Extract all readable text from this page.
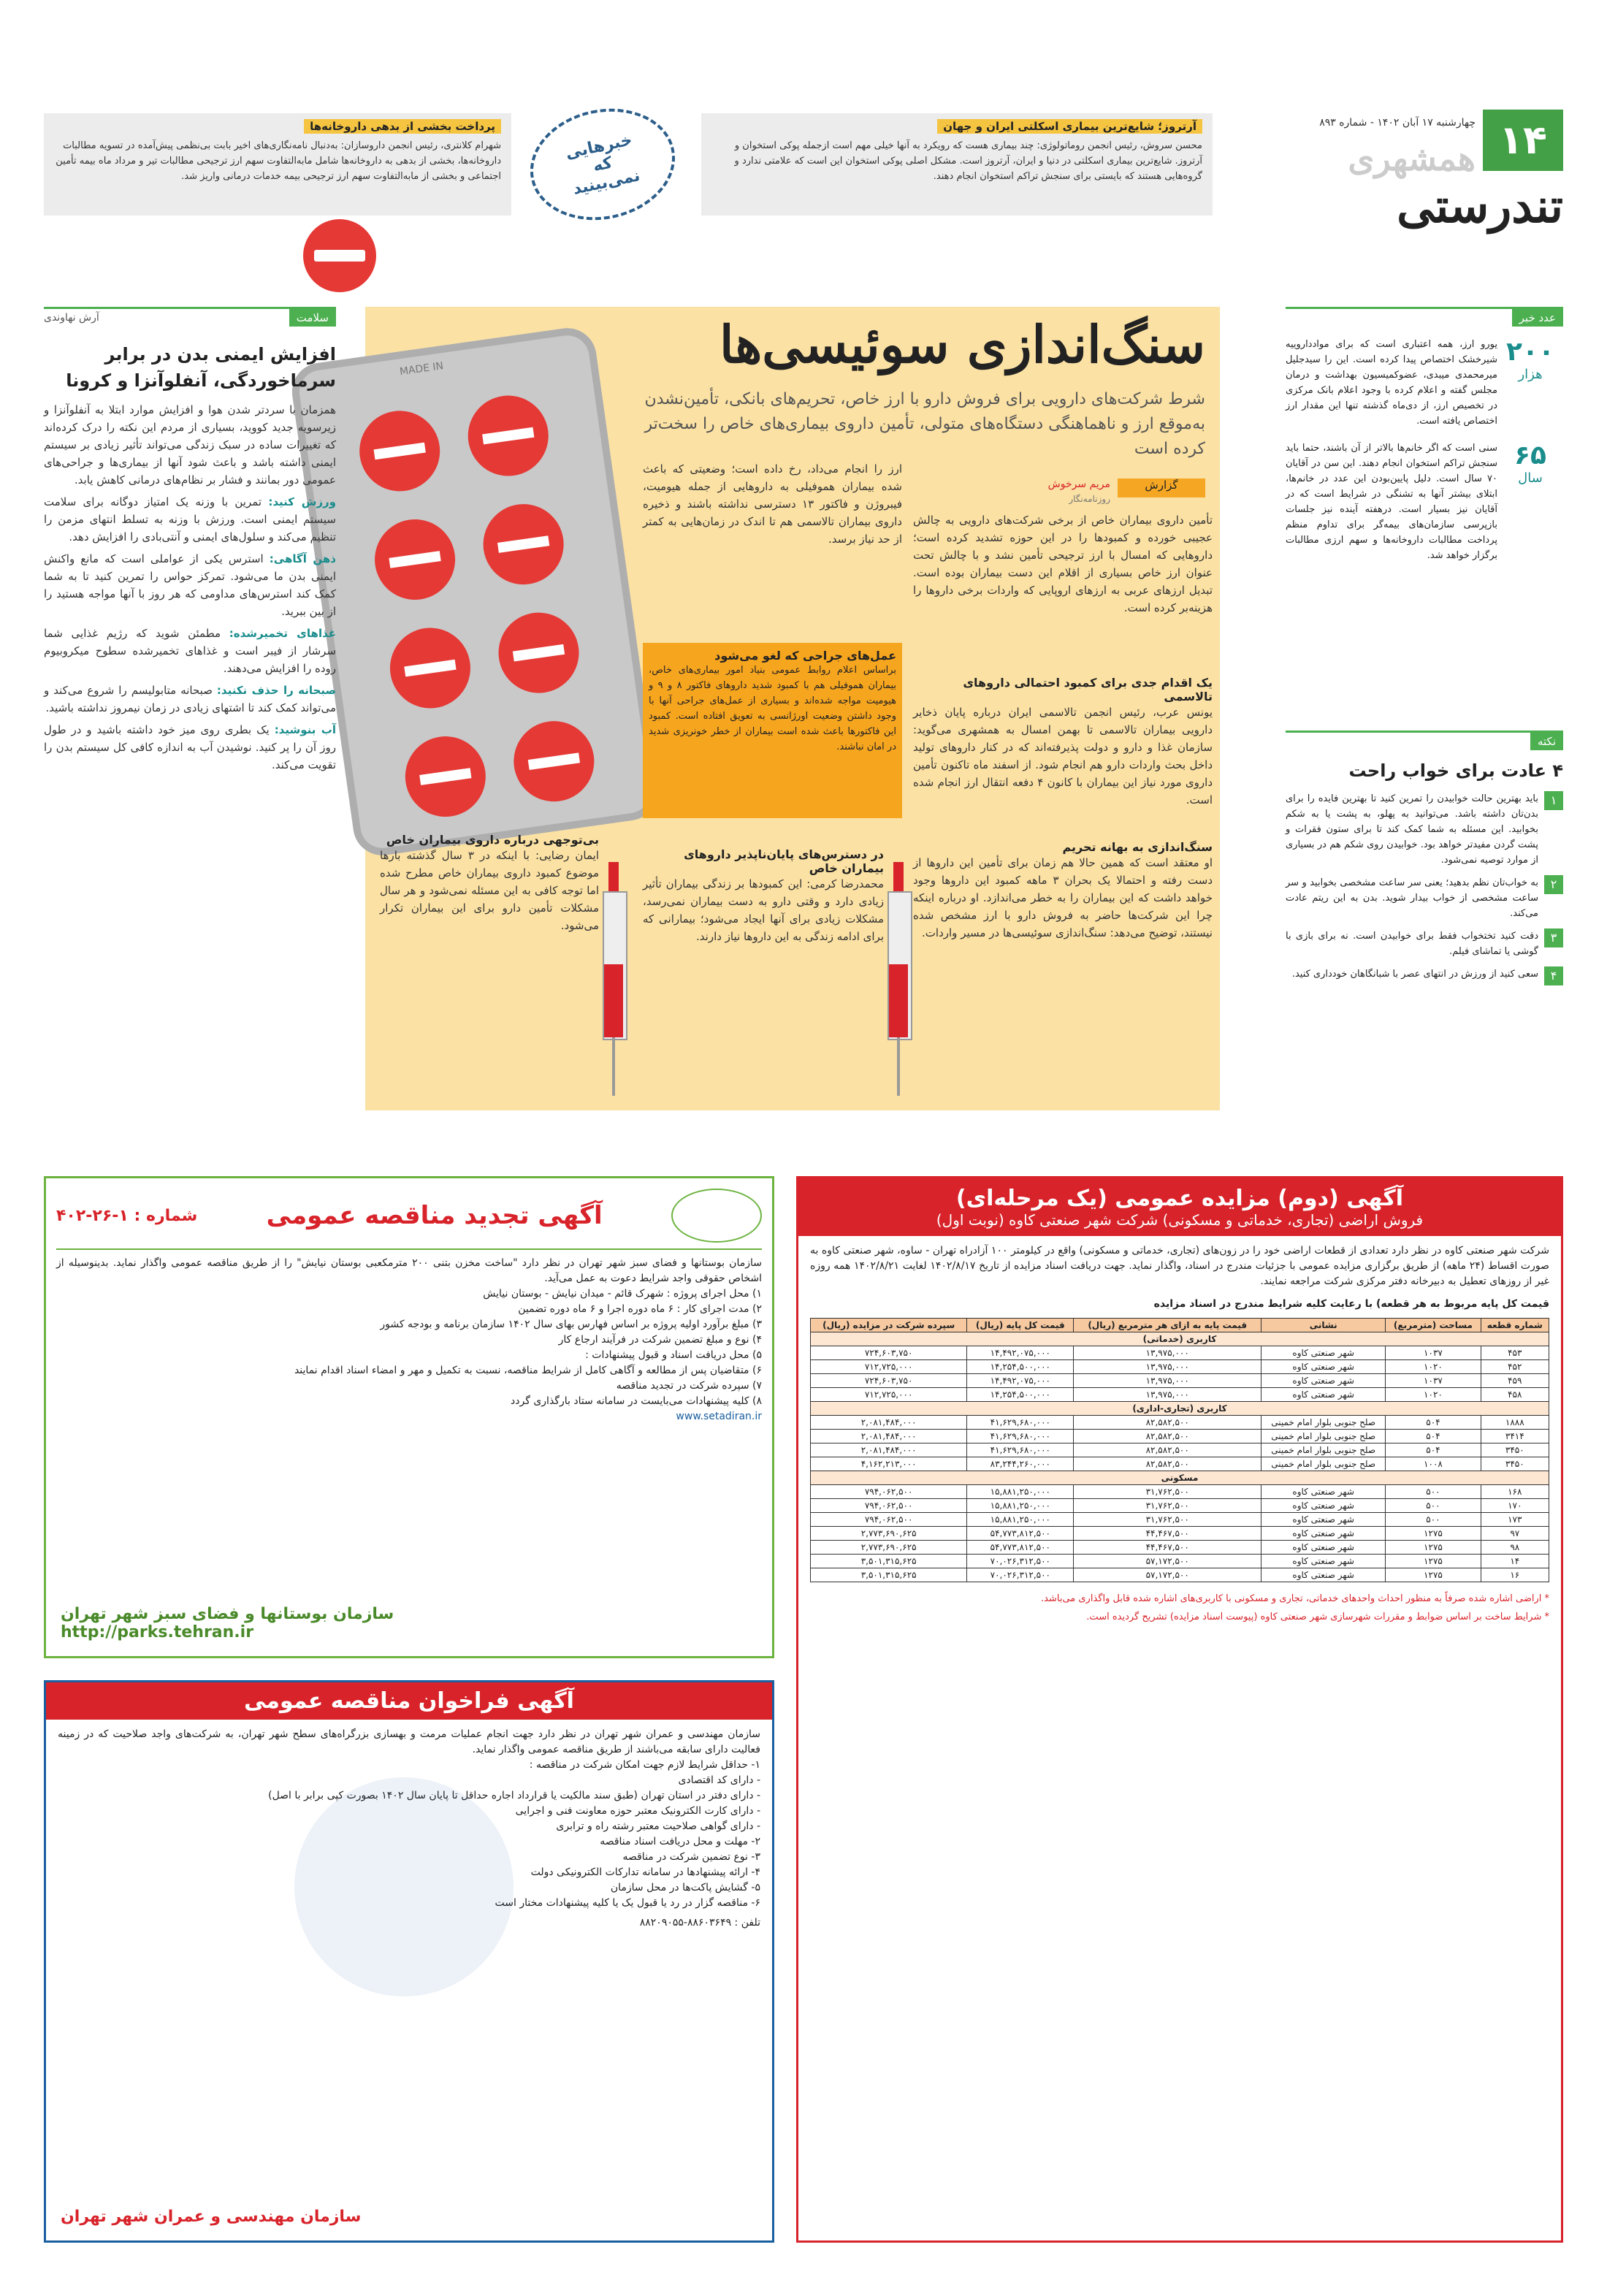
۱۴
چهارشنبه ۱۷ آبان ۱۴۰۲ - شماره ۸۹۳
همشهری
تندرستی
آرتروز؛ شایع‌ترین بیماری اسکلتی ایران و جهان
محسن سروش، رئیس انجمن روماتولوژی: چند بیماری هست که رویکرد به آنها خیلی مهم است ازجمله پوکی استخوان و آرتروز. شایع‌ترین بیماری اسکلتی در دنیا و ایران، آرتروز است. مشکل اصلی پوکی استخوان این است که علامتی ندارد و گروه‌هایی هستند که بایستی برای سنجش تراکم استخوان انجام دهند.
خبرهایی که نمی‌بینید
پرداخت بخشی از بدهی داروخانه‌ها
شهرام کلانتری، رئیس انجمن داروسازان: به‌دنبال نامه‌نگاری‌های اخیر بابت بی‌نظمی پیش‌آمده در تسویه مطالبات داروخانه‌ها، بخشی از بدهی به داروخانه‌ها شامل مابه‌التفاوت سهم ارز ترجیحی مطالبات تیر و مرداد ماه بیمه تأمین اجتماعی و بخشی از مابه‌التفاوت سهم ارز ترجیحی بیمه خدمات درمانی واریز شد.
عدد خبر
۲۰۰
هزار
یورو ارز، همه اعتباری است که برای موادداروییه شیرخشک اختصاص پیدا کرده است. این را سیدجلیل میرمحمدی میبدی، عضوکمیسیون بهداشت و درمان مجلس گفته و اعلام کرده با وجود اعلام بانک مرکزی در تخصیص ارز، از دی‌ماه گذشته تنها این مقدار ارز اختصاص یافته است.
۶۵
سال
سنی است که اگر خانم‌ها بالاتر از آن باشند، حتما باید سنجش تراکم استخوان انجام دهند. این سن در آقایان ۷۰ سال است. دلیل پایین‌بودن این عدد در خانم‌ها، ابتلای بیشتر آنها به تشنگی در شرایط است که در آقایان نیز بسیار است. درهفته آینده نیز جلسات بازپرسی سازمان‌های بیمه‌گر برای تداوم منظم پرداخت مطالبات داروخانه‌ها و سهم ارزی مطالبات برگزار خواهد شد.
نکته
۴ عادت برای خواب راحت
۱
باید بهترین حالت خوابیدن را تمرین کنید تا بهترین فایده را برای بدن‌تان داشته باشد. می‌توانید به پهلو، به پشت یا به شکم بخوابید. این مسئله به شما کمک کند تا برای ستون فقرات و پشت گردن مفیدتر خواهد بود. خوابیدن روی شکم هم در بسیاری از موارد توصیه نمی‌شود.
۲
به خواب‌تان نظم بدهید؛ یعنی سر ساعت مشخصی بخوابید و سر ساعت مشخصی از خواب بیدار شوید. بدن به این ریتم عادت می‌کند.
۳
دقت کنید تختخواب فقط برای خوابیدن است. نه برای بازی با گوشی یا تماشای فیلم.
۴
سعی کنید از ورزش در انتهای عصر با شبانگاهان خودداری کنید.
سنگ‌اندازی سوئیسی‌ها
شرط شرکت‌های دارویی برای فروش دارو با ارز خاص، تحریم‌های بانکی، تأمین‌نشدن به‌موقع ارز و ناهماهنگی دستگاه‌های متولی، تأمین داروی بیماری‌های خاص را سخت‌تر کرده است
MADE IN
گزارش
مریم سرخوش
روزنامه‌نگار
تأمین داروی بیماران خاص از برخی شرکت‌های دارویی به چالش عجیبی خورده و کمبودها را در این حوزه تشدید کرده است؛ داروهایی که امسال با ارز ترجیحی تأمین نشد و با چالش تحت عنوان ارز خاص بسیاری از اقلام این دست بیماران بوده است. تبدیل ارزهای عربی به ارزهای اروپایی که واردات برخی داروها را هزینه‌بر کرده است.
ارز را انجام می‌داد، رخ داده است؛ وضعیتی که باعث شده بیماران هموفیلی به داروهایی از جمله هیومیت، فیبروژن و فاکتور ۱۳ دسترسی نداشته باشند و ذخیره داروی بیماران تالاسمی هم تا اندک در زمان‌هایی به کمتر از حد نیاز برسد.
عمل‌های جراحی که لغو می‌شود
براساس اعلام روابط عمومی بنیاد امور بیماری‌های خاص، بیماران هموفیلی هم با کمبود شدید داروهای فاکتور ۸ و ۹ و هیومیت مواجه شده‌اند و بسیاری از عمل‌های جراحی آنها با وجود داشتن وضعیت اورژانسی به تعویق افتاده است. کمبود این فاکتورها باعث شده است بیماران از خطر خونریزی شدید در امان نباشند.
یک اقدام جدی برای کمبود احتمالی داروهای تالاسمی
یونس عرب، رئیس انجمن تالاسمی ایران درباره پایان ذخایر دارویی بیماران تالاسمی تا بهمن امسال به همشهری می‌گوید: سازمان غذا و دارو و دولت پذیرفته‌اند که در کنار داروهای تولید داخل بحث واردات دارو هم انجام شود. از اسفند ماه تاکنون تأمین داروی مورد نیاز این بیماران با کانون ۴ دفعه انتقال ارز انجام شده است.
سنگ‌اندازی به بهانه تحریم
او معتقد است که همین حالا هم زمان برای تأمین این داروها از دست رفته و احتمالا یک بحران ۳ ماهه کمبود این داروها وجود خواهد داشت که این بیماران را به خطر می‌اندازد. او درباره اینکه چرا این شرکت‌ها حاضر به فروش دارو با ارز مشخص شده نیستند، توضیح می‌دهد: سنگ‌اندازی سوئیسی‌ها در مسیر واردات.
در دسترس‌های پایان‌ناپذیر داروهای بیماران خاص
محمدرضا کرمی: این کمبودها بر زندگی بیماران تأثیر زیادی دارد و وقتی دارو به دست بیماران نمی‌رسد، مشکلات زیادی برای آنها ایجاد می‌شود؛ بیمارانی که برای ادامه زندگی به این داروها نیاز دارند.
بی‌توجهی درباره داروی بیماران خاص
ایمان رضایی: با اینکه در ۳ سال گذشته بارها موضوع کمبود داروی بیماران خاص مطرح شده اما توجه کافی به این مسئله نمی‌شود و هر سال مشکلات تأمین دارو برای این بیماران تکرار می‌شود.
سلامت
آرش نهاوندی
افزایش ایمنی بدن در برابر سرماخوردگی، آنفلوآنزا و کرونا
همزمان با سردتر شدن هوا و افزایش موارد ابتلا به آنفلوآنزا و زیرسویه جدید کووید، بسیاری از مردم این نکته را درک کرده‌اند که تغییرات ساده در سبک زندگی می‌تواند تأثیر زیادی بر سیستم ایمنی داشته باشد و باعث شود آنها از بیماری‌ها و جراحی‌های عمومی دور بمانند و فشار بر نظام‌های درمانی کاهش یابد.
ورزش کنید: تمرین با وزنه یک امتیاز دوگانه برای سلامت سیستم ایمنی است. ورزش با وزنه به تسلط انتهای مزمن را تنظیم می‌کند و سلول‌های ایمنی و آنتی‌بادی را افزایش دهد.
ذهن آگاهی: استرس یکی از عواملی است که مانع واکنش ایمنی بدن ما می‌شود. تمرکز حواس را تمرین کنید تا به شما کمک کند استرس‌های مداومی که هر روز با آنها مواجه هستید را از بین ببرید.
غذاهای تخمیرشده: مطمئن شوید که رژیم غذایی شما سرشار از فیبر است و غذاهای تخمیرشده سطوح میکروبیوم روده را افزایش می‌دهند.
صبحانه را حذف نکنید: صبحانه متابولیسم را شروع می‌کند و می‌تواند کمک کند تا اشتهای زیادی در زمان نیمروز نداشته باشید.
آب بنوشید: یک بطری روی میز خود داشته باشید و در طول روز آن را پر کنید. نوشیدن آب به اندازه کافی کل سیستم بدن را تقویت می‌کند.
آگهی (دوم) مزایده عمومی (یک مرحله‌ای)
فروش اراضی (تجاری، خدماتی و مسکونی) شرکت شهر صنعتی کاوه (نوبت اول)
شرکت شهر صنعتی کاوه در نظر دارد تعدادی از قطعات اراضی خود را در زون‌های (تجاری، خدماتی و مسکونی) واقع در کیلومتر ۱۰۰ آزادراه تهران - ساوه، شهر صنعتی کاوه به صورت اقساط (۲۴ ماهه) از طریق برگزاری مزایده عمومی با جزئیات مندرج در اسناد، واگذار نماید. جهت دریافت اسناد مزایده از تاریخ ۱۴۰۲/۸/۱۷ لغایت ۱۴۰۲/۸/۲۱ همه روزه غیر از روزهای تعطیل به دبیرخانه دفتر مرکزی شرکت مراجعه نمایند.
قیمت کل پایه مربوط به هر قطعه) با رعایت کلیه شرایط مندرج در اسناد مزایده
شماره قطعه	مساحت (مترمربع)	نشانی	قیمت پایه به ازای هر مترمربع (ریال)	قیمت کل پایه (ریال)	سپرده شرکت در مزایده (ریال)
کاربری (خدماتی)					
۴۵۳	۱۰۳۷	شهر صنعتی کاوه	۱۳,۹۷۵,۰۰۰	۱۴,۴۹۲,۰۷۵,۰۰۰	۷۲۴,۶۰۳,۷۵۰
۴۵۲	۱۰۲۰	شهر صنعتی کاوه	۱۳,۹۷۵,۰۰۰	۱۴,۲۵۴,۵۰۰,۰۰۰	۷۱۲,۷۲۵,۰۰۰
۴۵۹	۱۰۳۷	شهر صنعتی کاوه	۱۳,۹۷۵,۰۰۰	۱۴,۴۹۲,۰۷۵,۰۰۰	۷۲۴,۶۰۳,۷۵۰
۴۵۸	۱۰۲۰	شهر صنعتی کاوه	۱۳,۹۷۵,۰۰۰	۱۴,۲۵۴,۵۰۰,۰۰۰	۷۱۲,۷۲۵,۰۰۰
کاربری (تجاری-اداری)					
۱۸۸۸	۵۰۴	صلح جنوبی بلوار امام خمینی	۸۲,۵۸۲,۵۰۰	۴۱,۶۲۹,۶۸۰,۰۰۰	۲,۰۸۱,۴۸۴,۰۰۰
۳۴۱۴	۵۰۴	صلح جنوبی بلوار امام خمینی	۸۲,۵۸۲,۵۰۰	۴۱,۶۲۹,۶۸۰,۰۰۰	۲,۰۸۱,۴۸۴,۰۰۰
۳۴۵۰	۵۰۴	صلح جنوبی بلوار امام خمینی	۸۲,۵۸۲,۵۰۰	۴۱,۶۲۹,۶۸۰,۰۰۰	۲,۰۸۱,۴۸۴,۰۰۰
۳۴۵۰	۱۰۰۸	صلح جنوبی بلوار امام خمینی	۸۲,۵۸۲,۵۰۰	۸۳,۲۴۴,۲۶۰,۰۰۰	۴,۱۶۲,۲۱۳,۰۰۰
مسکونی					
۱۶۸	۵۰۰	شهر صنعتی کاوه	۳۱,۷۶۲,۵۰۰	۱۵,۸۸۱,۲۵۰,۰۰۰	۷۹۴,۰۶۲,۵۰۰
۱۷۰	۵۰۰	شهر صنعتی کاوه	۳۱,۷۶۲,۵۰۰	۱۵,۸۸۱,۲۵۰,۰۰۰	۷۹۴,۰۶۲,۵۰۰
۱۷۳	۵۰۰	شهر صنعتی کاوه	۳۱,۷۶۲,۵۰۰	۱۵,۸۸۱,۲۵۰,۰۰۰	۷۹۴,۰۶۲,۵۰۰
۹۷	۱۲۷۵	شهر صنعتی کاوه	۴۴,۴۶۷,۵۰۰	۵۴,۷۷۳,۸۱۲,۵۰۰	۲,۷۷۳,۶۹۰,۶۲۵
۹۸	۱۲۷۵	شهر صنعتی کاوه	۴۴,۴۶۷,۵۰۰	۵۴,۷۷۳,۸۱۲,۵۰۰	۲,۷۷۳,۶۹۰,۶۲۵
۱۴	۱۲۷۵	شهر صنعتی کاوه	۵۷,۱۷۲,۵۰۰	۷۰,۰۲۶,۳۱۲,۵۰۰	۳,۵۰۱,۳۱۵,۶۲۵
۱۶	۱۲۷۵	شهر صنعتی کاوه	۵۷,۱۷۲,۵۰۰	۷۰,۰۲۶,۳۱۲,۵۰۰	۳,۵۰۱,۳۱۵,۶۲۵
* اراضی اشاره شده صرفاً به منظور احداث واحدهای خدماتی، تجاری و مسکونی با کاربری‌های اشاره شده قابل واگذاری می‌باشد.
* شرایط ساخت بر اساس ضوابط و مقررات شهرسازی شهر صنعتی کاوه (پیوست اسناد مزایده) تشریح گردیده است.
آگهی تجدید مناقصه عمومی
شماره : ۱-۲۶-۴۰۲
سازمان بوستانها و فضای سبز شهر تهران در نظر دارد "ساخت مخزن بتنی ۲۰۰ مترمکعبی بوستان نیایش" را از طریق مناقصه عمومی واگذار نماید. بدینوسیله از اشخاص حقوقی واجد شرایط دعوت به عمل می‌آید.
۱) محل اجرای پروژه : شهرک قائم - میدان نیایش - بوستان نیایش
۲) مدت اجرای کار : ۶ ماه دوره اجرا و ۶ ماه دوره تضمین
۳) مبلغ برآورد اولیه پروژه بر اساس فهارس بهای سال ۱۴۰۲ سازمان برنامه و بودجه کشور
۴) نوع و مبلغ تضمین شرکت در فرآیند ارجاع کار
۵) محل دریافت اسناد و قبول پیشنهادات :
۶) متقاضیان پس از مطالعه و آگاهی کامل از شرایط مناقصه، نسبت به تکمیل و مهر و امضاء اسناد اقدام نمایند
۷) سپرده شرکت در تجدید مناقصه
۸) کلیه پیشنهادات می‌بایست در سامانه ستاد بارگذاری گردد
www.setadiran.ir
سازمان بوستانها و فضای سبز شهر تهران
http://parks.tehran.ir
آگهی فراخوان مناقصه عمومی
سازمان مهندسی و عمران شهر تهران در نظر دارد جهت انجام عملیات مرمت و بهسازی بزرگراه‌های سطح شهر تهران، به شرکت‌های واجد صلاحیت که در زمینه فعالیت دارای سابقه می‌باشند از طریق مناقصه عمومی واگذار نماید.
۱- حداقل شرایط لازم جهت امکان شرکت در مناقصه :
- دارای کد اقتصادی
- دارای دفتر در استان تهران (طبق سند مالکیت یا قرارداد اجاره حداقل تا پایان سال ۱۴۰۲ بصورت کپی برابر با اصل)
- دارای کارت الکترونیک معتبر حوزه معاونت فنی و اجرایی
- دارای گواهی صلاحیت معتبر رشته راه و ترابری
۲- مهلت و محل دریافت اسناد مناقصه
۳- نوع تضمین شرکت در مناقصه
۴- ارائه پیشنهادها در سامانه تدارکات الکترونیکی دولت
۵- گشایش پاکت‌ها در محل سازمان
۶- مناقصه گزار در رد یا قبول یک یا کلیه پیشنهادات مختار است
تلفن : ۸۸۶۰۳۶۴۹-۸۸۲۰۹۰۵۵
سازمان مهندسی و عمران شهر تهران
